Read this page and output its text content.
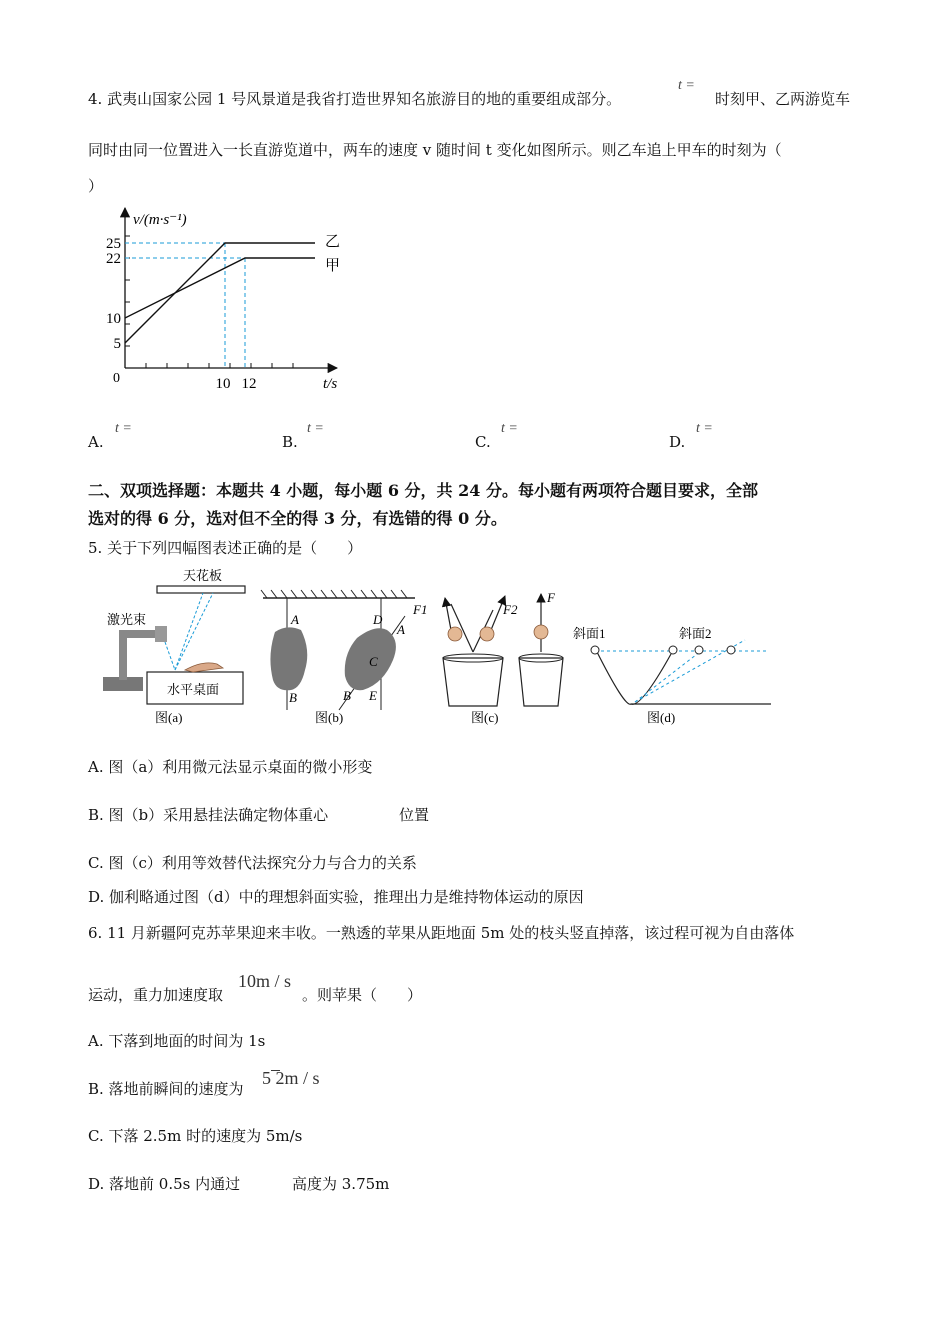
4. 武夷山国家公园 1 号风景道是我省打造世界知名旅游目的地的重要组成部分。
t =
时刻甲、乙两游览车
同时由同一位置进入一长直游览道中，两车的速度 v 随时间 t 变化如图所示。则乙车追上甲车的时刻为（
）
5
10
22
25
10 12
乙
甲
v/(m·s⁻¹)
t/s
0
A.
t =
B.
t =
C.
t =
D.
t =
二、双项选择题：本题共 4 小题，每小题 6 分，共 24 分。每小题有两项符合题目要求，全部
选对的得 6 分，选对但不全的得 3 分，有选错的得 0 分。
5. 关于下列四幅图表述正确的是（　　）
天花板
激光束
水平桌面
图(a)
A
B
D
A
C
B E
图(b)
F1	F2
F
图(c)
斜面1	斜面2
图(d)
A. 图（a）利用微元法显示桌面的微小形变
B. 图（b）采用悬挂法确定物体重心	位置
C. 图（c）利用等效替代法探究分力与合力的关系
D. 伽利略通过图（d）中的理想斜面实验，推理出力是维持物体运动的原因
6. 11 月新疆阿克苏苹果迎来丰收。一熟透的苹果从距地面 5m 处的枝头竖直掉落，该过程可视为自由落体
运动，重力加速度取
10m / s
。则苹果（　　）
A. 下落到地面的时间为 1s
B. 落地前瞬间的速度为
5 ̅2m / s
C. 下落 2.5m 时的速度为 5m/s
D. 落地前 0.5s 内通过	高度为 3.75m
